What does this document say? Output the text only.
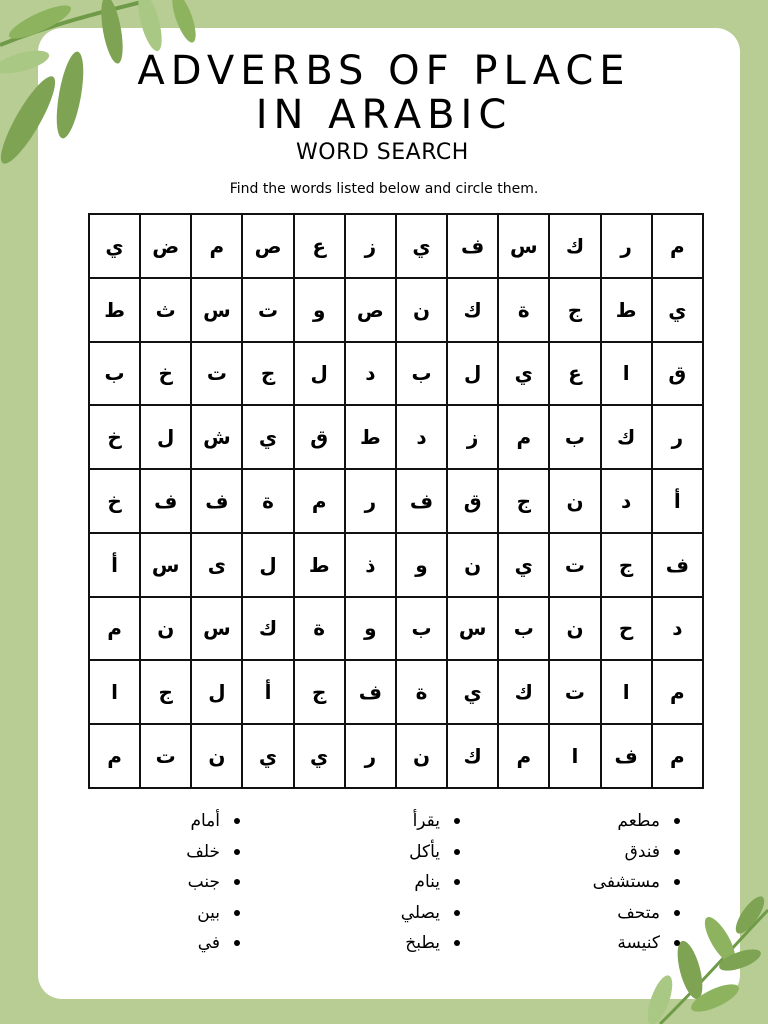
ADVERBS OF PLACE
IN ARABIC
WORD SEARCH
Find the words listed below and circle them.
ي	ض	م	ص	ع	ز	ي	ف	س	ك	ر	م
ط	ث	س	ت	و	ص	ن	ك	ة	ج	ط	ي
ب	خ	ت	ج	ل	د	ب	ل	ي	ع	ا	ق
خ	ل	ش	ي	ق	ط	د	ز	م	ب	ك	ر
خ	ف	ف	ة	م	ر	ف	ق	ج	ن	د	أ
أ	س	ى	ل	ط	ذ	و	ن	ي	ت	ج	ف
م	ن	س	ك	ة	و	ب	س	ب	ن	ح	د
ا	ج	ل	أ	ج	ف	ة	ي	ك	ت	ا	م
م	ت	ن	ي	ي	ر	ن	ك	م	ا	ف	م
أمام
خلف
جنب
بين
في
يقرأ
يأكل
ينام
يصلي
يطبخ
مطعم
فندق
مستشفى
متحف
كنيسة
